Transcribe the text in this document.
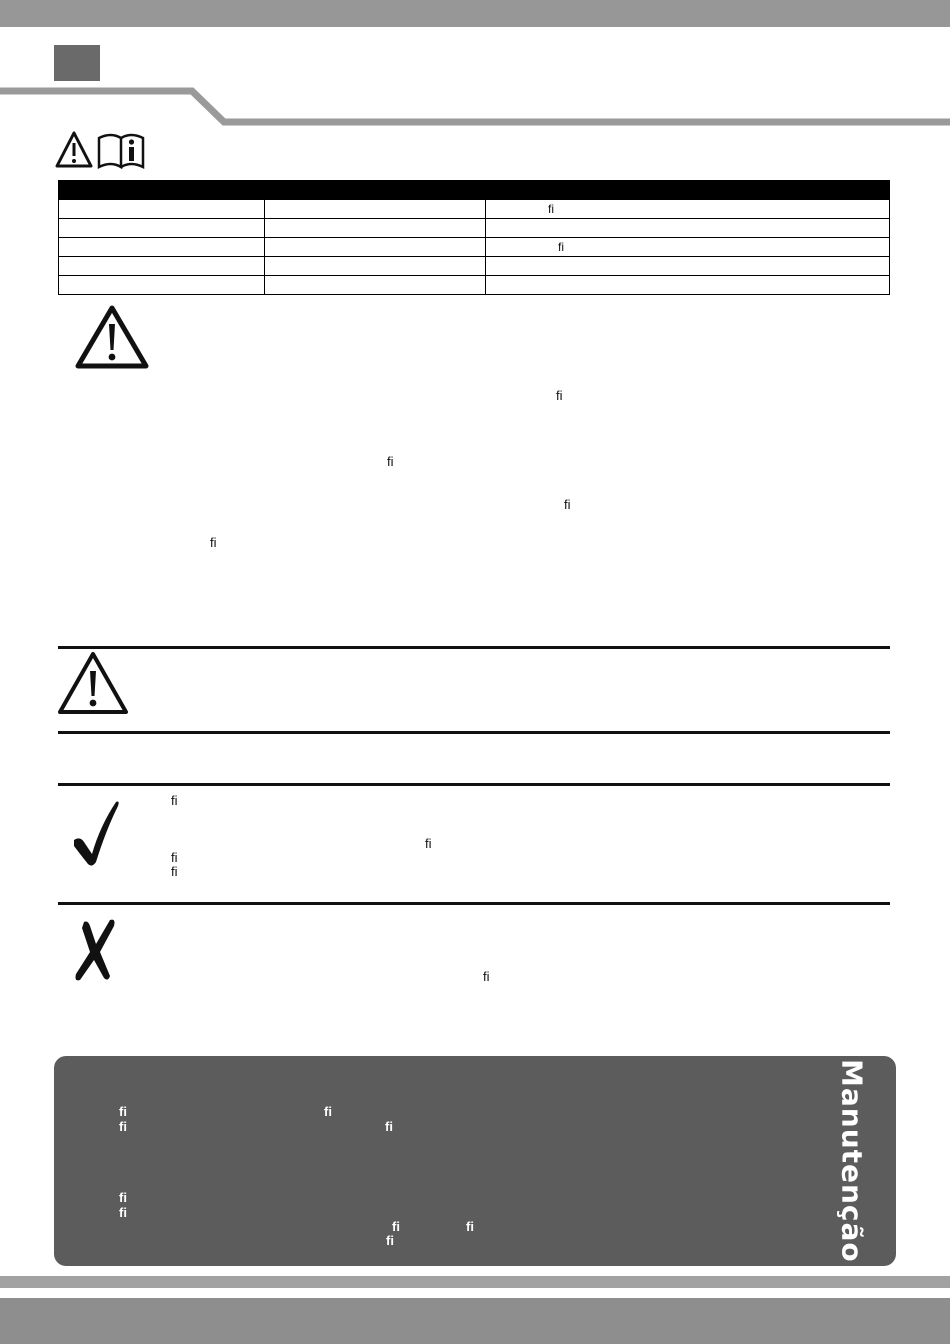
		fi

		fi

fi
fi
fi
fi
fi
fi
fi
fi
fi
fi	fi
fi	fi
fi
fi
fi	fi
fi	Manutenção
